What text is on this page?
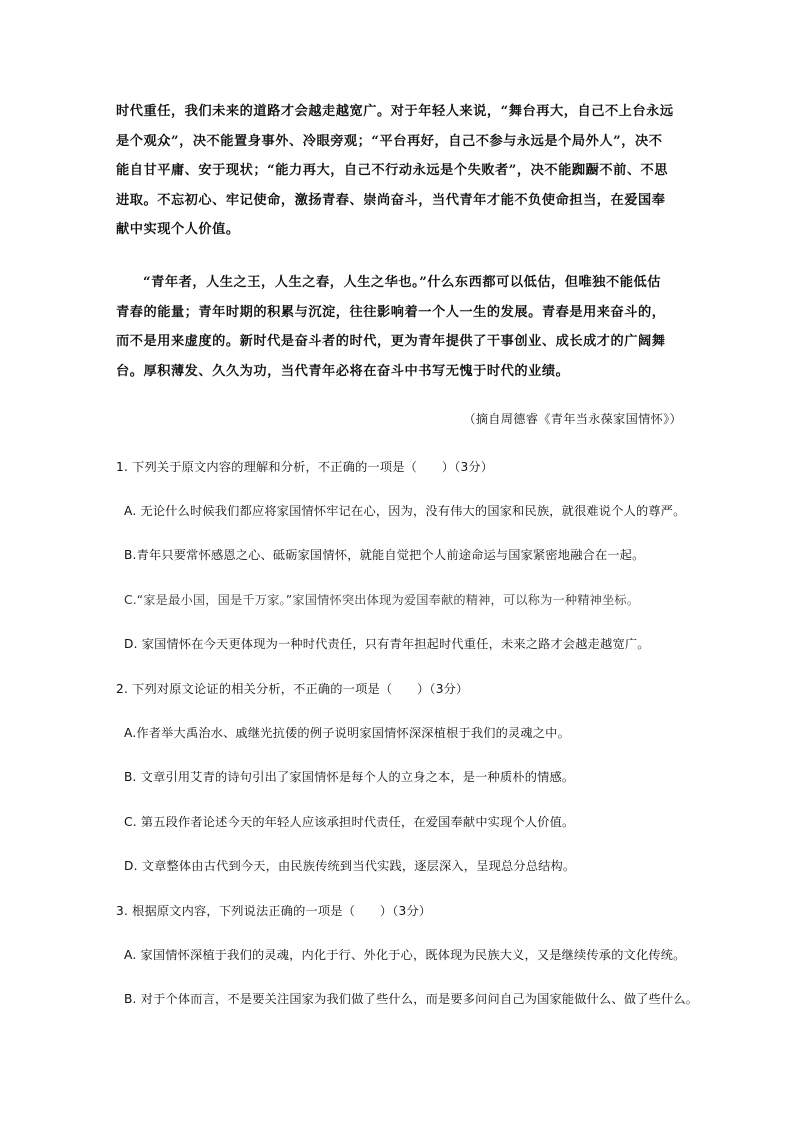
时代重任，我们未来的道路才会越走越宽广。对于年轻人来说，“舞台再大，自己不上台永远
是个观众”，决不能置身事外、冷眼旁观；“平台再好，自己不参与永远是个局外人”，决不
能自甘平庸、安于现状；“能力再大，自己不行动永远是个失败者”，决不能踟蹰不前、不思
进取。不忘初心、牢记使命，激扬青春、崇尚奋斗，当代青年才能不负使命担当，在爱国奉
献中实现个人价值。
“青年者，人生之王，人生之春，人生之华也。”什么东西都可以低估，但唯独不能低估
青春的能量；青年时期的积累与沉淀，往往影响着一个人一生的发展。青春是用来奋斗的，
而不是用来虚度的。新时代是奋斗者的时代，更为青年提供了干事创业、成长成才的广阔舞
台。厚积薄发、久久为功，当代青年必将在奋斗中书写无愧于时代的业绩。
（摘自周德睿《青年当永葆家国情怀》）
1. 下列关于原文内容的理解和分析，不正确的一项是（　　）（3分）
A. 无论什么时候我们都应将家国情怀牢记在心，因为，没有伟大的国家和民族，就很难说个人的尊严。
B.青年只要常怀感恩之心、砥砺家国情怀，就能自觉把个人前途命运与国家紧密地融合在一起。
C.“家是最小国，国是千万家。”家国情怀突出体现为爱国奉献的精神，可以称为一种精神坐标。
D. 家国情怀在今天更体现为一种时代责任，只有青年担起时代重任，未来之路才会越走越宽广。
2. 下列对原文论证的相关分析，不正确的一项是（　　）（3分）
A.作者举大禹治水、戚继光抗倭的例子说明家国情怀深深植根于我们的灵魂之中。
B. 文章引用艾青的诗句引出了家国情怀是每个人的立身之本，是一种质朴的情感。
C. 第五段作者论述今天的年轻人应该承担时代责任，在爱国奉献中实现个人价值。
D. 文章整体由古代到今天，由民族传统到当代实践，逐层深入，呈现总分总结构。
3. 根据原文内容，下列说法正确的一项是（　　）（3分）
A. 家国情怀深植于我们的灵魂，内化于行、外化于心，既体现为民族大义，又是继续传承的文化传统。
B. 对于个体而言，不是要关注国家为我们做了些什么，而是要多问问自己为国家能做什么、做了些什么。
